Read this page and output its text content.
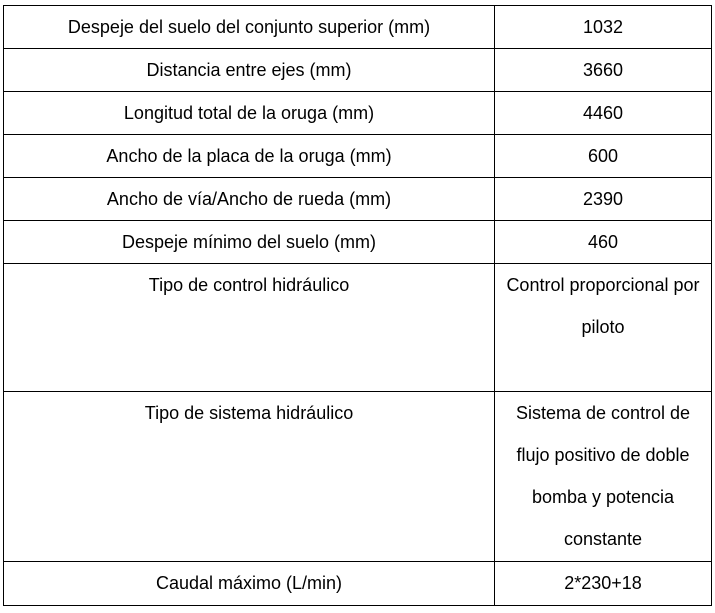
Despeje del suelo del conjunto superior (mm)	1032
Distancia entre ejes (mm)	3660
Longitud total de la oruga (mm)	4460
Ancho de la placa de la oruga (mm)	600
Ancho de vía/Ancho de rueda (mm)	2390
Despeje mínimo del suelo (mm)	460
Tipo de control hidráulico	Control proporcional por piloto
Tipo de sistema hidráulico	Sistema de control de flujo positivo de doble bomba y potencia constante
Caudal máximo (L/min)	2*230+18
